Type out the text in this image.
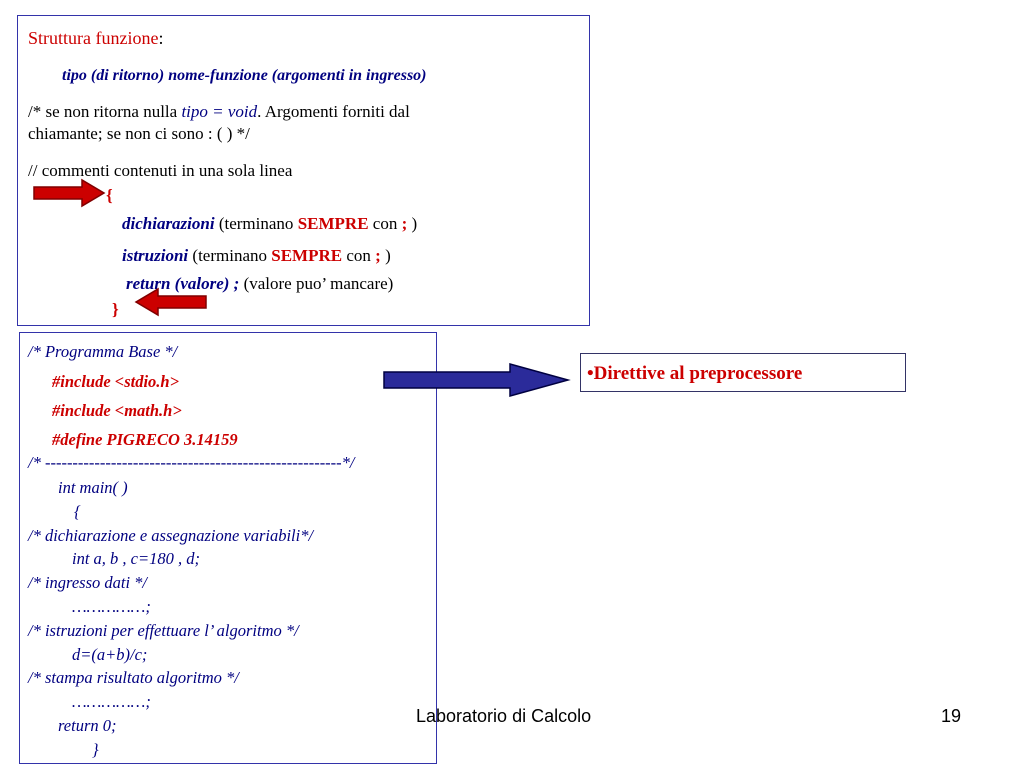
Struttura funzione:
tipo (di ritorno) nome-funzione (argomenti in ingresso)
/* se non ritorna nulla tipo = void. Argomenti forniti dal
chiamante; se non ci sono : ( ) */
// commenti contenuti in una sola linea
{
dichiarazioni (terminano SEMPRE con ; )
istruzioni (terminano SEMPRE con ; )
return (valore) ; (valore puo’ mancare)
}
/* Programma Base */
#include <stdio.h>
#include <math.h>
#define PIGRECO 3.14159
/* ------------------------------------------------------*/
int main( )
{
/* dichiarazione e assegnazione variabili*/
int a, b , c=180 , d;
/* ingresso dati */
……………;
/* istruzioni per effettuare l’ algoritmo */
d=(a+b)/c;
/* stampa risultato algoritmo */
……………;
return 0;
}
•Direttive al preprocessore
Laboratorio di Calcolo	19
